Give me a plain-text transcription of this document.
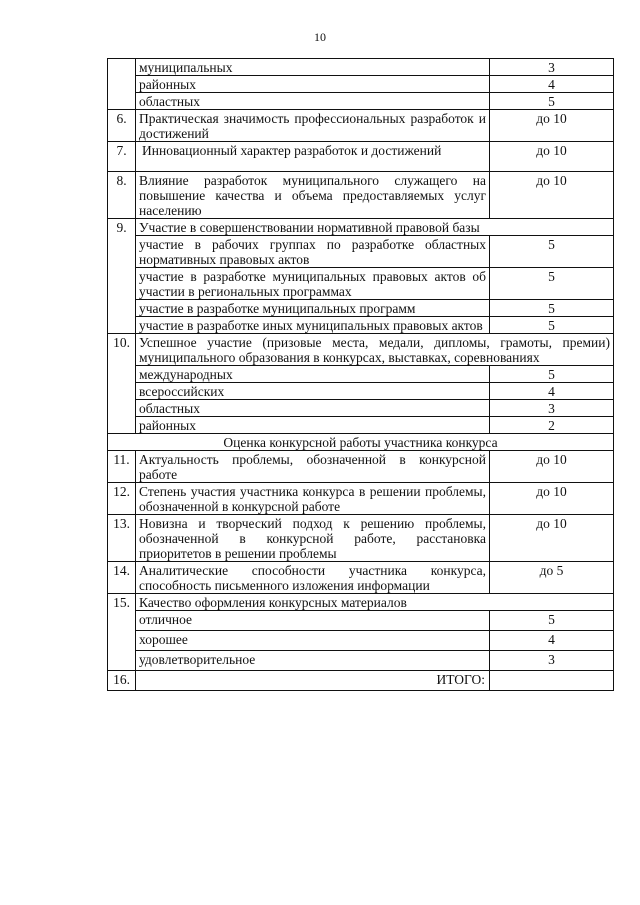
10
	муниципальных	3
	районных	4
	областных	5
6.	Практическая значимость профессиональных разработок и достижений	до 10
7.	Инновационный характер разработок и достижений	до 10
8.	Влияние разработок муниципального служащего на повышение качества и объема предоставляемых услуг населению	до 10
9.	Участие в совершенствовании нормативной правовой базы	
	участие в рабочих группах по разработке областных нормативных правовых актов	5
	участие в разработке муниципальных правовых актов об участии в региональных программах	5
	участие в разработке муниципальных программ	5
	участие в разработке иных муниципальных правовых актов	5
10.	Успешное участие (призовые места, медали, дипломы, грамоты, премии) муниципального образования в конкурсах, выставках, соревнованиях	
	международных	5
	всероссийских	4
	областных	3
	районных	2
Оценка конкурсной работы участника конкурса		
11.	Актуальность проблемы, обозначенной в конкурсной работе	до 10
12.	Степень участия участника конкурса в решении проблемы, обозначенной в конкурсной работе	до 10
13.	Новизна и творческий подход к решению проблемы, обозначенной в конкурсной работе, расстановка приоритетов в решении проблемы	до 10
14.	Аналитические способности участника конкурса, способность письменного изложения информации	до 5
15.	Качество оформления конкурсных материалов	
	отличное	5
	хорошее	4
	удовлетворительное	3
16.	ИТОГО:	
